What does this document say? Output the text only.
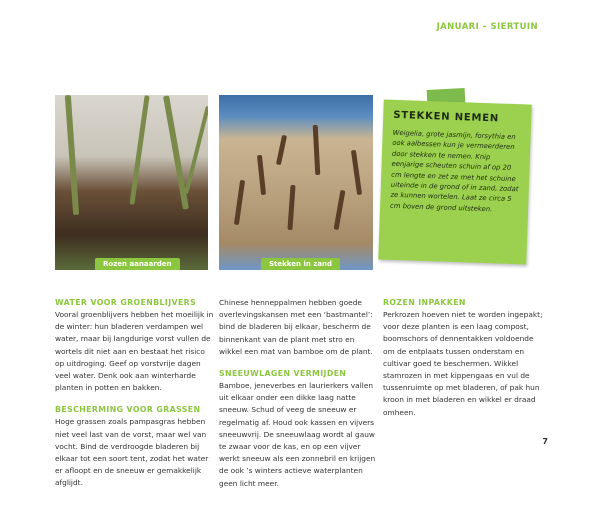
JANUARI – SIERTUIN
Rozen aanaarden	Stekken in zand
STEKKEN NEMEN
Weigelia, grote jasmijn, forsythia en ook aalbessen kun je vermeerderen door stekken te nemen. Knip eenjarige scheuten schuin af op 20 cm lengte en zet ze met het schuine uiteinde in de grond of in zand, zodat ze kunnen wortelen. Laat ze circa 5 cm boven de grond uitsteken.
WATER VOOR GROENBLIJVERS

Vooral groenblijvers hebben het moeilijk in de winter: hun bladeren verdampen wel water, maar bij langdurige vorst vullen de wortels dit niet aan en bestaat het risico op uitdroging. Geef op vorstvrije dagen veel water. Denk ook aan winterharde planten in potten en bakken.

BESCHERMING VOOR GRASSEN

Hoge grassen zoals pampasgras hebben niet veel last van de vorst, maar wel van vocht. Bind de verdroogde bladeren bij elkaar tot een soort tent, zodat het water er afloopt en de sneeuw er gemakkelijk afglijdt.

Chinese henneppalmen hebben goede overlevingskansen met een ‘bastmantel’: bind de bladeren bij elkaar, bescherm de binnenkant van de plant met stro en wikkel een mat van bamboe om de plant.

SNEEUWLAGEN VERMIJDEN

Bamboe, jeneverbes en laurierkers vallen uit elkaar onder een dikke laag natte sneeuw. Schud of veeg de sneeuw er regelmatig af. Houd ook kassen en vijvers sneeuwvrij. De sneeuwlaag wordt al gauw te zwaar voor de kas, en op een vijver werkt sneeuw als een zonnebril en krijgen de ook ’s winters actieve waterplanten geen licht meer.

ROZEN INPAKKEN

Perkrozen hoeven niet te worden ingepakt; voor deze planten is een laag compost, boomschors of dennentakken voldoende om de entplaats tussen onderstam en cultivar goed te beschermen. Wikkel stamrozen in met kippengaas en vul de tussenruimte op met bladeren, of pak hun kroon in met bladeren en wikkel er draad omheen.

7
